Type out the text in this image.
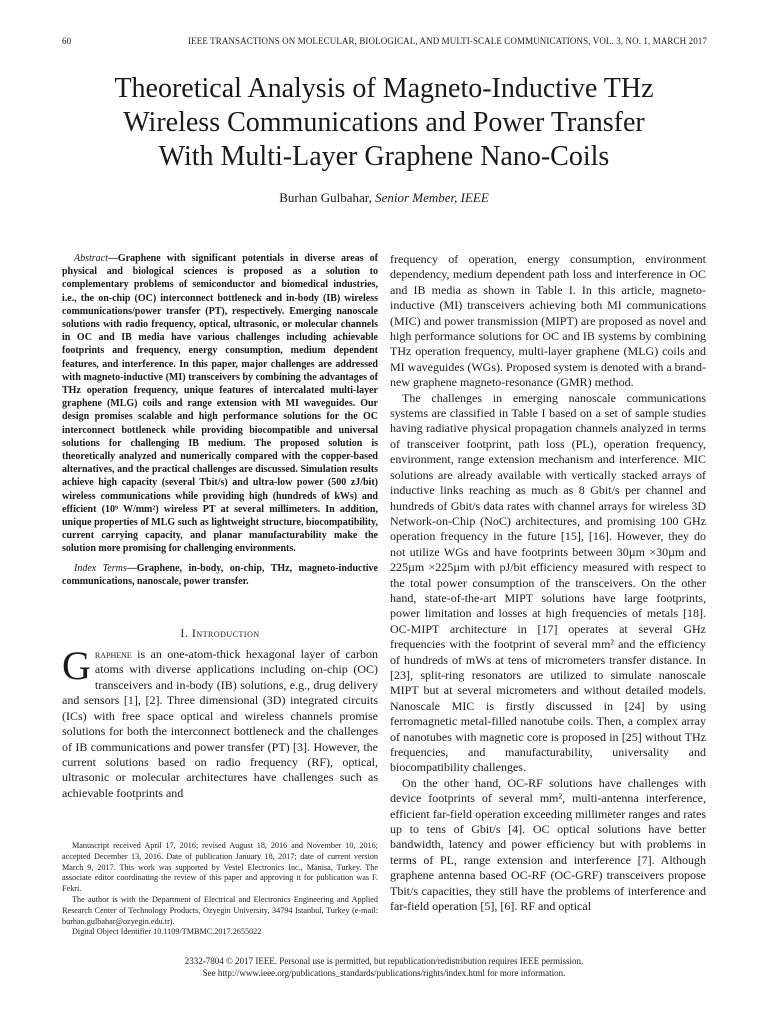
60	IEEE TRANSACTIONS ON MOLECULAR, BIOLOGICAL, AND MULTI-SCALE COMMUNICATIONS, VOL. 3, NO. 1, MARCH 2017
Theoretical Analysis of Magneto-Inductive THz
Wireless Communications and Power Transfer
With Multi-Layer Graphene Nano-Coils
Burhan Gulbahar, Senior Member, IEEE
Abstract—Graphene with significant potentials in diverse areas of physical and biological sciences is proposed as a solution to complementary problems of semiconductor and biomedical industries, i.e., the on-chip (OC) interconnect bottleneck and in-body (IB) wireless communications/power transfer (PT), respectively. Emerging nanoscale solutions with radio frequency, optical, ultrasonic, or molecular channels in OC and IB media have various challenges including achievable footprints and frequency, energy consumption, medium dependent features, and interference. In this paper, major challenges are addressed with magneto-inductive (MI) transceivers by combining the advantages of THz operation frequency, unique features of intercalated multi-layer graphene (MLG) coils and range extension with MI waveguides. Our design promises scalable and high performance solutions for the OC interconnect bottleneck while providing biocompatible and universal solutions for challenging IB medium. The proposed solution is theoretically analyzed and numerically compared with the copper-based alternatives, and the practical challenges are discussed. Simulation results achieve high capacity (several Tbit/s) and ultra-low power (500 zJ/bit) wireless communications while providing high (hundreds of kWs) and efficient (10⁹ W/mm²) wireless PT at several millimeters. In addition, unique properties of MLG such as lightweight structure, biocompatibility, current carrying capacity, and planar manufacturability make the solution more promising for challenging environments.
Index Terms—Graphene, in-body, on-chip, THz, magneto-inductive communications, nanoscale, power transfer.
I. Introduction

Graphene is an one-atom-thick hexagonal layer of carbon atoms with diverse applications including on-chip (OC) transceivers and in-body (IB) solutions, e.g., drug delivery and sensors [1], [2]. Three dimensional (3D) integrated circuits (ICs) with free space optical and wireless channels promise solutions for both the interconnect bottleneck and the challenges of IB communications and power transfer (PT) [3]. However, the current solutions based on radio frequency (RF), optical, ultrasonic or molecular architectures have challenges such as achievable footprints and

Manuscript received April 17, 2016; revised August 18, 2016 and November 10, 2016; accepted December 13, 2016. Date of publication January 18, 2017; date of current version March 9, 2017. This work was supported by Vestel Electronics Inc., Manisa, Turkey. The associate editor coordinating the review of this paper and approving it for publication was F. Fekri.

The author is with the Department of Electrical and Electronics Engineering and Applied Research Center of Technology Products, Ozyegin University, 34794 Istanbul, Turkey (e-mail: burhan.gulbahar@ozyegin.edu.tr).

Digital Object Identifier 10.1109/TMBMC.2017.2655022

frequency of operation, energy consumption, environment dependency, medium dependent path loss and interference in OC and IB media as shown in Table I. In this article, magneto-inductive (MI) transceivers achieving both MI communications (MIC) and power transmission (MIPT) are proposed as novel and high performance solutions for OC and IB systems by combining THz operation frequency, multi-layer graphene (MLG) coils and MI waveguides (WGs). Proposed system is denoted with a brand-new graphene magneto-resonance (GMR) method.

The challenges in emerging nanoscale communications systems are classified in Table I based on a set of sample studies having radiative physical propagation channels analyzed in terms of transceiver footprint, path loss (PL), operation frequency, environment, range extension mechanism and interference. MIC solutions are already available with vertically stacked arrays of inductive links reaching as much as 8 Gbit/s per channel and hundreds of Gbit/s data rates with channel arrays for wireless 3D Network-on-Chip (NoC) architectures, and promising 100 GHz operation frequency in the future [15], [16]. However, they do not utilize WGs and have footprints between 30µm ×30µm and 225µm ×225µm with pJ/bit efficiency measured with respect to the total power consumption of the transceivers. On the other hand, state-of-the-art MIPT solutions have large footprints, power limitation and losses at high frequencies of metals [18]. OC-MIPT architecture in [17] operates at several GHz frequencies with the footprint of several mm² and the efficiency of hundreds of mWs at tens of micrometers transfer distance. In [23], split-ring resonators are utilized to simulate nanoscale MIPT but at several micrometers and without detailed models. Nanoscale MIC is firstly discussed in [24] by using ferromagnetic metal-filled nanotube coils. Then, a complex array of nanotubes with magnetic core is proposed in [25] without THz frequencies, and manufacturability, universality and biocompatibility challenges.

On the other hand, OC-RF solutions have challenges with device footprints of several mm², multi-antenna interference, efficient far-field operation exceeding millimeter ranges and rates up to tens of Gbit/s [4]. OC optical solutions have better bandwidth, latency and power efficiency but with problems in terms of PL, range extension and interference [7]. Although graphene antenna based OC-RF (OC-GRF) transceivers propose Tbit/s capacities, they still have the problems of interference and far-field operation [5], [6]. RF and optical

2332-7804 © 2017 IEEE. Personal use is permitted, but republication/redistribution requires IEEE permission.
See http://www.ieee.org/publications_standards/publications/rights/index.html for more information.
